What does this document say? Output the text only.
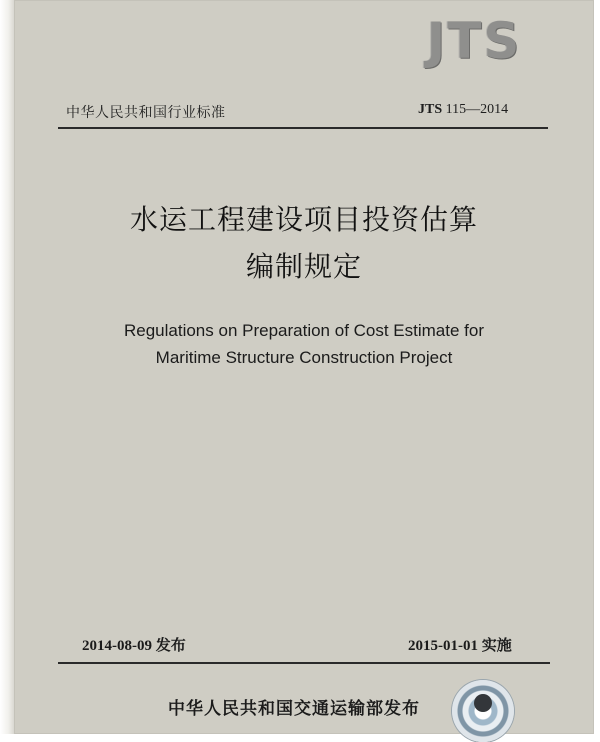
JTS
中华人民共和国行业标准	JTS 115—2014
水运工程建设项目投资估算
编制规定
Regulations on Preparation of Cost Estimate for
Maritime Structure Construction Project
2014-08-09 发布	2015-01-01 实施
中华人民共和国交通运输部发布
